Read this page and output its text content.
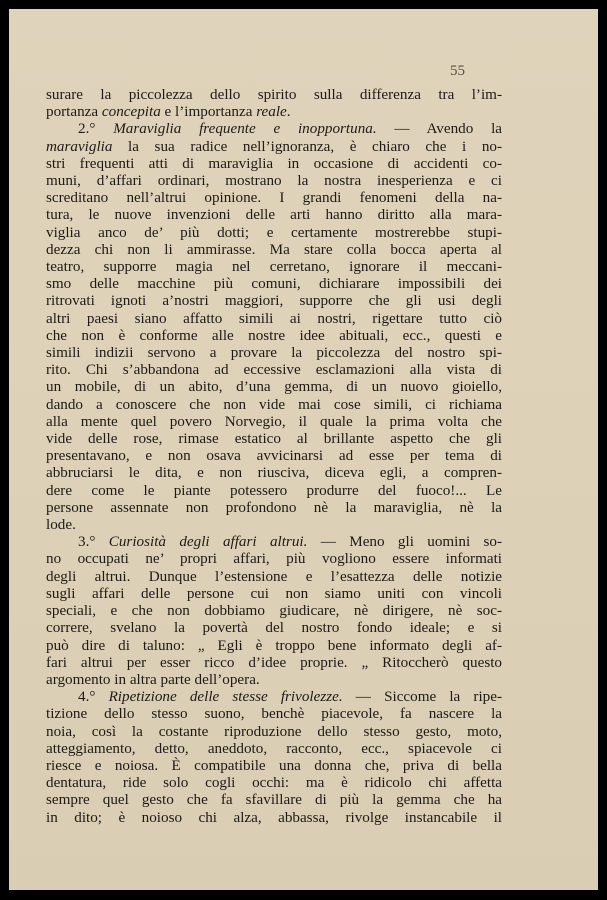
55

surare la piccolezza dello spirito sulla differenza tra l’im-

portanza concepita e l’importanza reale.

2.° Maraviglia frequente e inopportuna. — Avendo la

maraviglia la sua radice nell’ignoranza, è chiaro che i no-

stri frequenti atti di maraviglia in occasione di accidenti co-

muni, d’affari ordinari, mostrano la nostra inesperienza e ci

screditano nell’altrui opinione. I grandi fenomeni della na-

tura, le nuove invenzioni delle arti hanno diritto alla mara-

viglia anco de’ più dotti; e certamente mostrerebbe stupi-

dezza chi non li ammirasse. Ma stare colla bocca aperta al

teatro, supporre magia nel cerretano, ignorare il meccani-

smo delle macchine più comuni, dichiarare impossibili dei

ritrovati ignoti a’nostri maggiori, supporre che gli usi degli

altri paesi siano affatto simili ai nostri, rigettare tutto ciò

che non è conforme alle nostre idee abituali, ecc., questi e

simili indizii servono a provare la piccolezza del nostro spi-

rito. Chi s’abbandona ad eccessive esclamazioni alla vista di

un mobile, di un abito, d’una gemma, di un nuovo gioiello,

dando a conoscere che non vide mai cose simili, ci richiama

alla mente quel povero Norvegio, il quale la prima volta che

vide delle rose, rimase estatico al brillante aspetto che gli

presentavano, e non osava avvicinarsi ad esse per tema di

abbruciarsi le dita, e non riusciva, diceva egli, a compren-

dere come le piante potessero produrre del fuoco!... Le

persone assennate non profondono nè la maraviglia, nè la

lode.

3.° Curiosità degli affari altrui. — Meno gli uomini so-

no occupati ne’ propri affari, più vogliono essere informati

degli altrui. Dunque l’estensione e l’esattezza delle notizie

sugli affari delle persone cui non siamo uniti con vincoli

speciali, e che non dobbiamo giudicare, nè dirigere, nè soc-

correre, svelano la povertà del nostro fondo ideale; e si

può dire di taluno: „ Egli è troppo bene informato degli af-

fari altrui per esser ricco d’idee proprie. „ Ritoccherò questo

argomento in altra parte dell’opera.

4.° Ripetizione delle stesse frivolezze. — Siccome la ripe-

tizione dello stesso suono, benchè piacevole, fa nascere la

noia, così la costante riproduzione dello stesso gesto, moto,

atteggiamento, detto, aneddoto, racconto, ecc., spiacevole ci

riesce e noiosa. È compatibile una donna che, priva di bella

dentatura, ride solo cogli occhi: ma è ridicolo chi affetta

sempre quel gesto che fa sfavillare di più la gemma che ha

in dito; è noioso chi alza, abbassa, rivolge instancabile il
